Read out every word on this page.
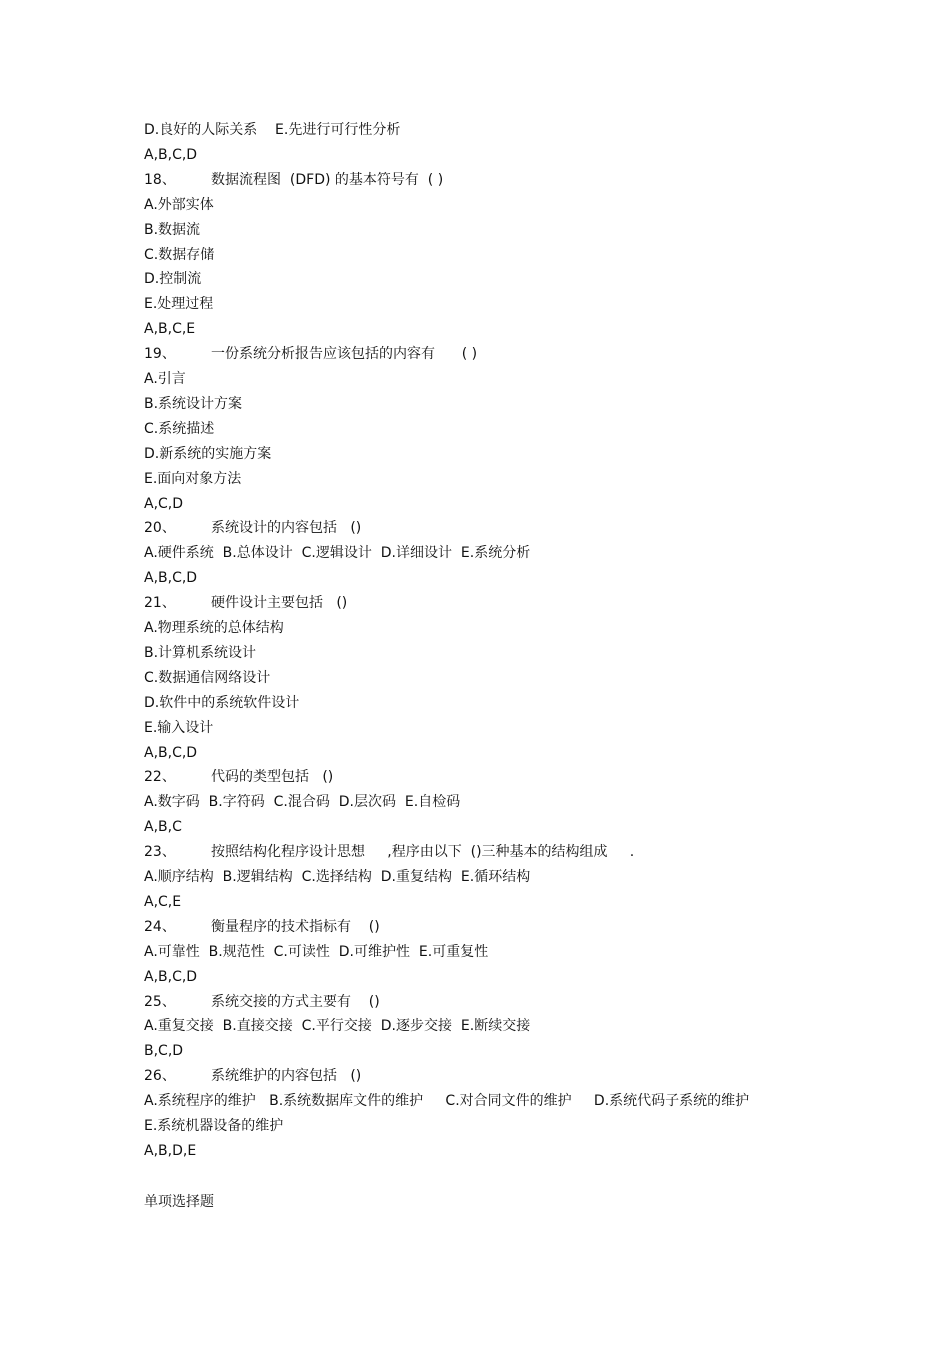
D.良好的人际关系    E.先进行可行性分析
A,B,C,D
18、	数据流程图  (DFD) 的基本符号有  ( )
A.外部实体
B.数据流
C.数据存储
D.控制流
E.处理过程
A,B,C,E
19、	一份系统分析报告应该包括的内容有      ( )
A.引言
B.系统设计方案
C.系统描述
D.新系统的实施方案
E.面向对象方法
A,C,D
20、	系统设计的内容包括   ()
A.硬件系统  B.总体设计  C.逻辑设计  D.详细设计  E.系统分析
A,B,C,D
21、	硬件设计主要包括   ()
A.物理系统的总体结构
B.计算机系统设计
C.数据通信网络设计
D.软件中的系统软件设计
E.输入设计
A,B,C,D
22、	代码的类型包括   ()
A.数字码  B.字符码  C.混合码  D.层次码  E.自检码
A,B,C
23、	按照结构化程序设计思想     ,程序由以下  ()三种基本的结构组成     .
A.顺序结构  B.逻辑结构  C.选择结构  D.重复结构  E.循环结构
A,C,E
24、	衡量程序的技术指标有    ()
A.可靠性  B.规范性  C.可读性  D.可维护性  E.可重复性
A,B,C,D
25、	系统交接的方式主要有    ()
A.重复交接  B.直接交接  C.平行交接  D.逐步交接  E.断续交接
B,C,D
26、	系统维护的内容包括   ()
A.系统程序的维护   B.系统数据库文件的维护     C.对合同文件的维护     D.系统代码子系统的维护
E.系统机器设备的维护
A,B,D,E
单项选择题
